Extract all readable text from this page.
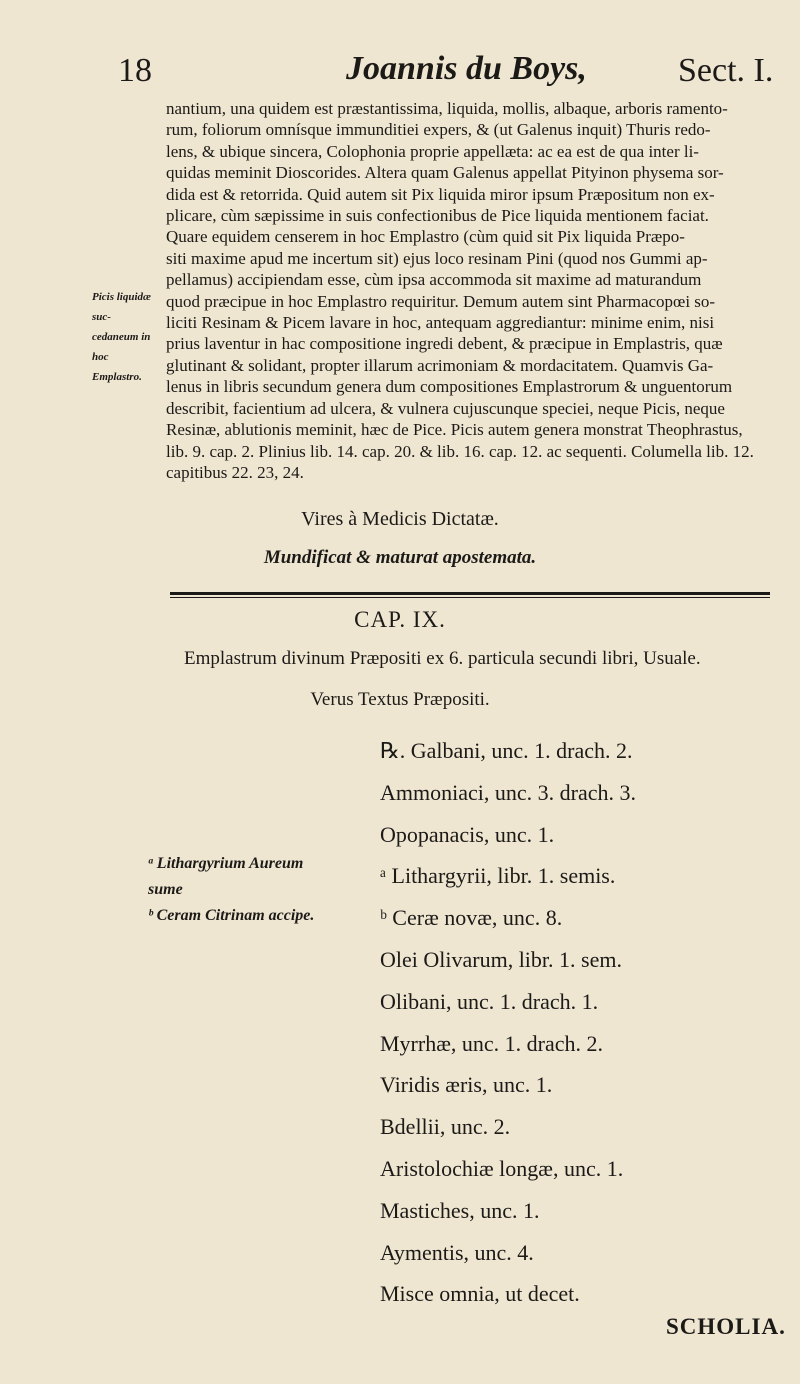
18	Joannis du Boys,	Sect. I.

nantium, una quidem est præstantissima, liquida, mollis, albaque, arboris ramento-

rum, foliorum omnísque immunditiei expers, & (ut Galenus inquit) Thuris redo-

lens, & ubique sincera, Colophonia proprie appellæta: ac ea est de qua inter li-

quidas meminit Dioscorides. Altera quam Galenus appellat Pityinon physema sor-

dida est & retorrida. Quid autem sit Pix liquida miror ipsum Præpositum non ex-

plicare, cùm sæpissime in suis confectionibus de Pice liquida mentionem faciat.

Quare equidem censerem in hoc Emplastro (cùm quid sit Pix liquida Præpo-

siti maxime apud me incertum sit) ejus loco resinam Pini (quod nos Gummi ap-

pellamus) accipiendam esse, cùm ipsa accommoda sit maxime ad maturandum

quod præcipue in hoc Emplastro requiritur. Demum autem sint Pharmacopœi so-

liciti Resinam & Picem lavare in hoc, antequam aggrediantur: minime enim, nisi

prius laventur in hac compositione ingredi debent, & præcipue in Emplastris, quæ

glutinant & solidant, propter illarum acrimoniam & mordacitatem. Quamvis Ga-

lenus in libris secundum genera dum compositiones Emplastrorum & unguentorum

describit, facientium ad ulcera, & vulnera cujuscunque speciei, neque Picis, neque

Resinæ, ablutionis meminit, hæc de Pice. Picis autem genera monstrat Theophrastus,

lib. 9. cap. 2. Plinius lib. 14. cap. 20. & lib. 16. cap. 12. ac sequenti. Columella lib. 12.

capitibus 22. 23, 24.

Picis liquidæ suc-
cedaneum in hoc
Emplastro.
Vires à Medicis Dictatæ.
Mundificat & maturat apostemata.
CAP. IX.
Emplastrum divinum Præpositi ex 6. particula secundi libri, Usuale.
Verus Textus Præpositi.
℞. Galbani, unc. 1. drach. 2.
Ammoniaci, unc. 3. drach. 3.
Opopanacis, unc. 1.
ᵃ Lithargyrii, libr. 1. semis.
ᵇ Ceræ novæ, unc. 8.
Olei Olivarum, libr. 1. sem.
Olibani, unc. 1. drach. 1.
Myrrhæ, unc. 1. drach. 2.
Viridis æris, unc. 1.
Bdellii, unc. 2.
Aristolochiæ longæ, unc. 1.
Mastiches, unc. 1.
Aymentis, unc. 4.
Misce omnia, ut decet.
ᵃ Lithargyrium Aureum
sume
ᵇ Ceram Citrinam accipe.
SCHOLIA.
